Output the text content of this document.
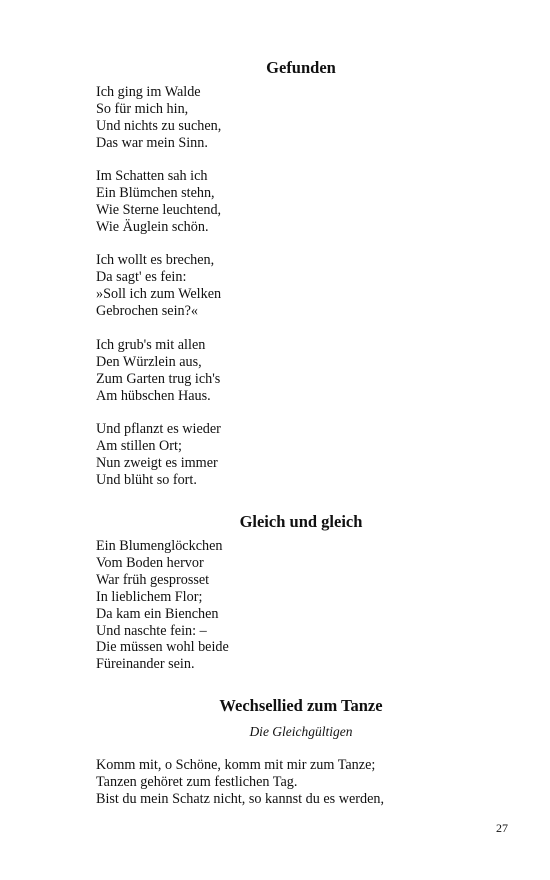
Gefunden
Ich ging im Walde
So für mich hin,
Und nichts zu suchen,
Das war mein Sinn.
Im Schatten sah ich
Ein Blümchen stehn,
Wie Sterne leuchtend,
Wie Äuglein schön.
Ich wollt es brechen,
Da sagt' es fein:
»Soll ich zum Welken
Gebrochen sein?«
Ich grub's mit allen
Den Würzlein aus,
Zum Garten trug ich's
Am hübschen Haus.
Und pflanzt es wieder
Am stillen Ort;
Nun zweigt es immer
Und blüht so fort.
Gleich und gleich
Ein Blumenglöckchen
Vom Boden hervor
War früh gesprosset
In lieblichem Flor;
Da kam ein Bienchen
Und naschte fein: –
Die müssen wohl beide
Füreinander sein.
Wechsellied zum Tanze

Die Gleichgültigen

Komm mit, o Schöne, komm mit mir zum Tanze;
Tanzen gehöret zum festlichen Tag.
Bist du mein Schatz nicht, so kannst du es werden,
27
